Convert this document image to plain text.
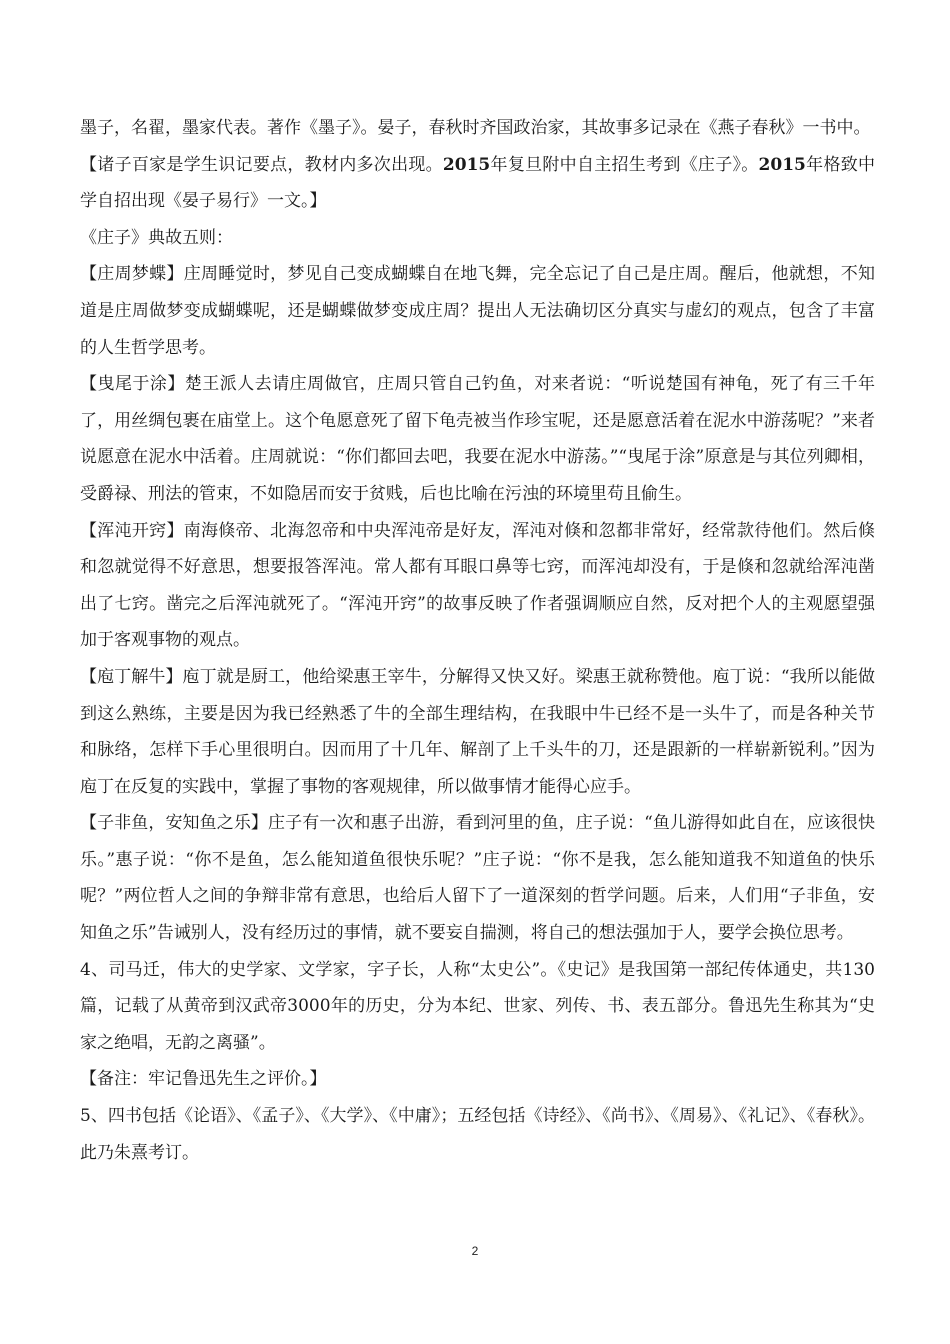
墨子，名翟，墨家代表。著作《墨子》。晏子，春秋时齐国政治家，其故事多记录在《燕子春秋》一书中。

【诸子百家是学生识记要点，教材内多次出现。2015年复旦附中自主招生考到《庄子》。2015年格致中学自招出现《晏子易行》一文。】

《庄子》典故五则：

【庄周梦蝶】庄周睡觉时，梦见自己变成蝴蝶自在地飞舞，完全忘记了自己是庄周。醒后，他就想，不知道是庄周做梦变成蝴蝶呢，还是蝴蝶做梦变成庄周？提出人无法确切区分真实与虚幻的观点，包含了丰富的人生哲学思考。

【曳尾于涂】楚王派人去请庄周做官，庄周只管自己钓鱼，对来者说：“听说楚国有神龟，死了有三千年了，用丝绸包裹在庙堂上。这个龟愿意死了留下龟壳被当作珍宝呢，还是愿意活着在泥水中游荡呢？”来者说愿意在泥水中活着。庄周就说：“你们都回去吧，我要在泥水中游荡。”“曳尾于涂”原意是与其位列卿相，受爵禄、刑法的管束，不如隐居而安于贫贱，后也比喻在污浊的环境里苟且偷生。

【浑沌开窍】南海倏帝、北海忽帝和中央浑沌帝是好友，浑沌对倏和忽都非常好，经常款待他们。然后倏和忽就觉得不好意思，想要报答浑沌。常人都有耳眼口鼻等七窍，而浑沌却没有，于是倏和忽就给浑沌凿出了七窍。凿完之后浑沌就死了。“浑沌开窍”的故事反映了作者强调顺应自然，反对把个人的主观愿望强加于客观事物的观点。

【庖丁解牛】庖丁就是厨工，他给梁惠王宰牛，分解得又快又好。梁惠王就称赞他。庖丁说：“我所以能做到这么熟练，主要是因为我已经熟悉了牛的全部生理结构，在我眼中牛已经不是一头牛了，而是各种关节和脉络，怎样下手心里很明白。因而用了十几年、解剖了上千头牛的刀，还是跟新的一样崭新锐利。”因为庖丁在反复的实践中，掌握了事物的客观规律，所以做事情才能得心应手。

【子非鱼，安知鱼之乐】庄子有一次和惠子出游，看到河里的鱼，庄子说：“鱼儿游得如此自在，应该很快乐。”惠子说：“你不是鱼，怎么能知道鱼很快乐呢？”庄子说：“你不是我，怎么能知道我不知道鱼的快乐呢？”两位哲人之间的争辩非常有意思，也给后人留下了一道深刻的哲学问题。后来，人们用“子非鱼，安知鱼之乐”告诫别人，没有经历过的事情，就不要妄自揣测，将自己的想法强加于人，要学会换位思考。

4、司马迁，伟大的史学家、文学家，字子长，人称“太史公”。《史记》是我国第一部纪传体通史，共130篇，记载了从黄帝到汉武帝3000年的历史，分为本纪、世家、列传、书、表五部分。鲁迅先生称其为“史家之绝唱，无韵之离骚”。

【备注：牢记鲁迅先生之评价。】

5、四书包括《论语》、《孟子》、《大学》、《中庸》；五经包括《诗经》、《尚书》、《周易》、《礼记》、《春秋》。此乃朱熹考订。

2
